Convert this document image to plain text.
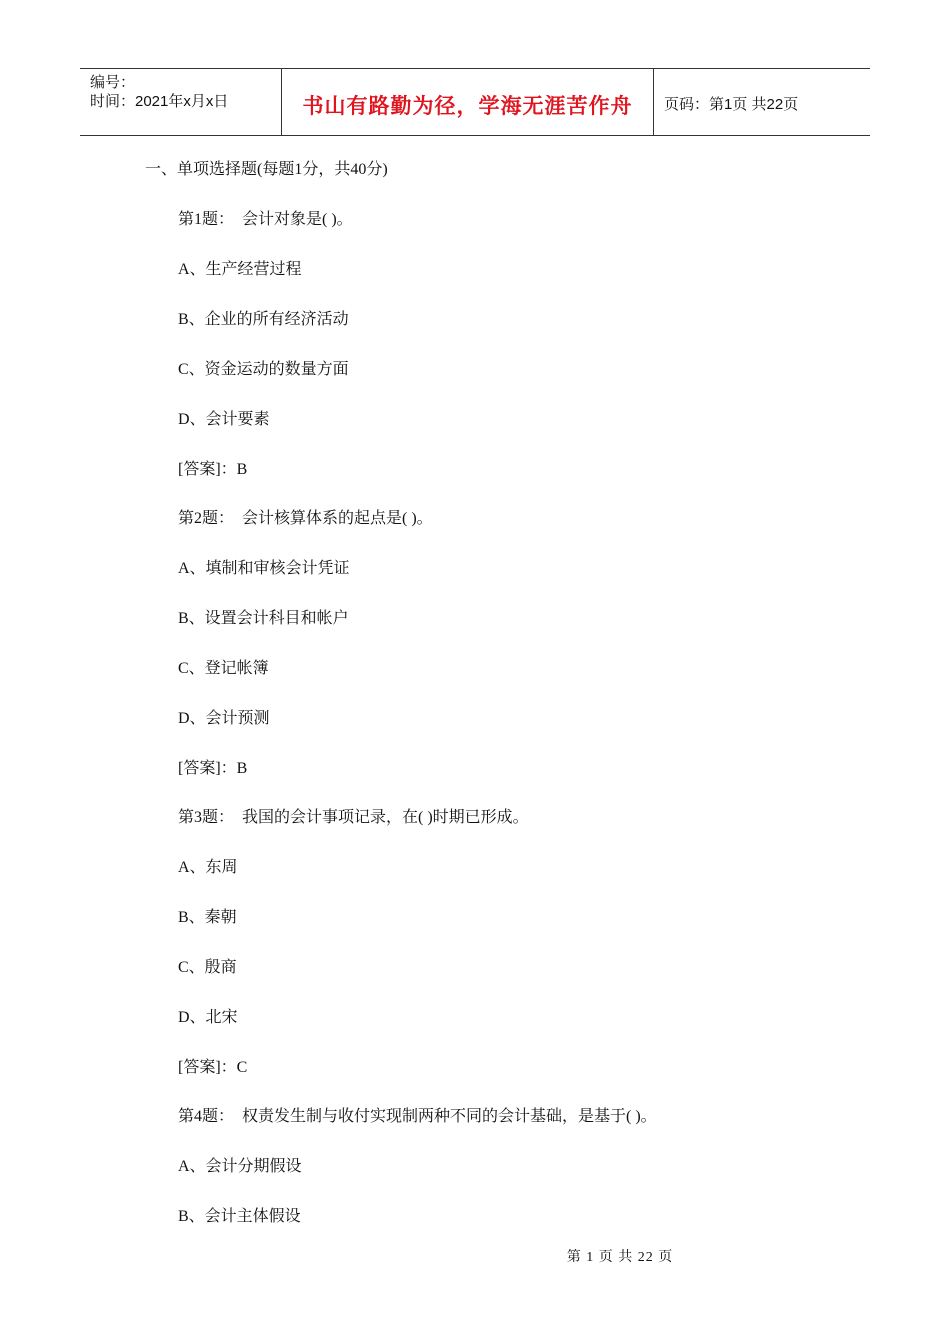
编号：
时间：2021年x月x日	书山有路勤为径，学海无涯苦作舟	页码：第1页 共22页
一、单项选择题(每题1分，共40分)
第1题：  会计对象是( )。
A、生产经营过程
B、企业的所有经济活动
C、资金运动的数量方面
D、会计要素
[答案]：B
第2题：  会计核算体系的起点是( )。
A、填制和审核会计凭证
B、设置会计科目和帐户
C、登记帐簿
D、会计预测
[答案]：B
第3题：  我国的会计事项记录，在( )时期已形成。
A、东周
B、秦朝
C、殷商
D、北宋
[答案]：C
第4题：  权责发生制与收付实现制两种不同的会计基础，是基于( )。
A、会计分期假设
B、会计主体假设
第 1 页 共 22 页
